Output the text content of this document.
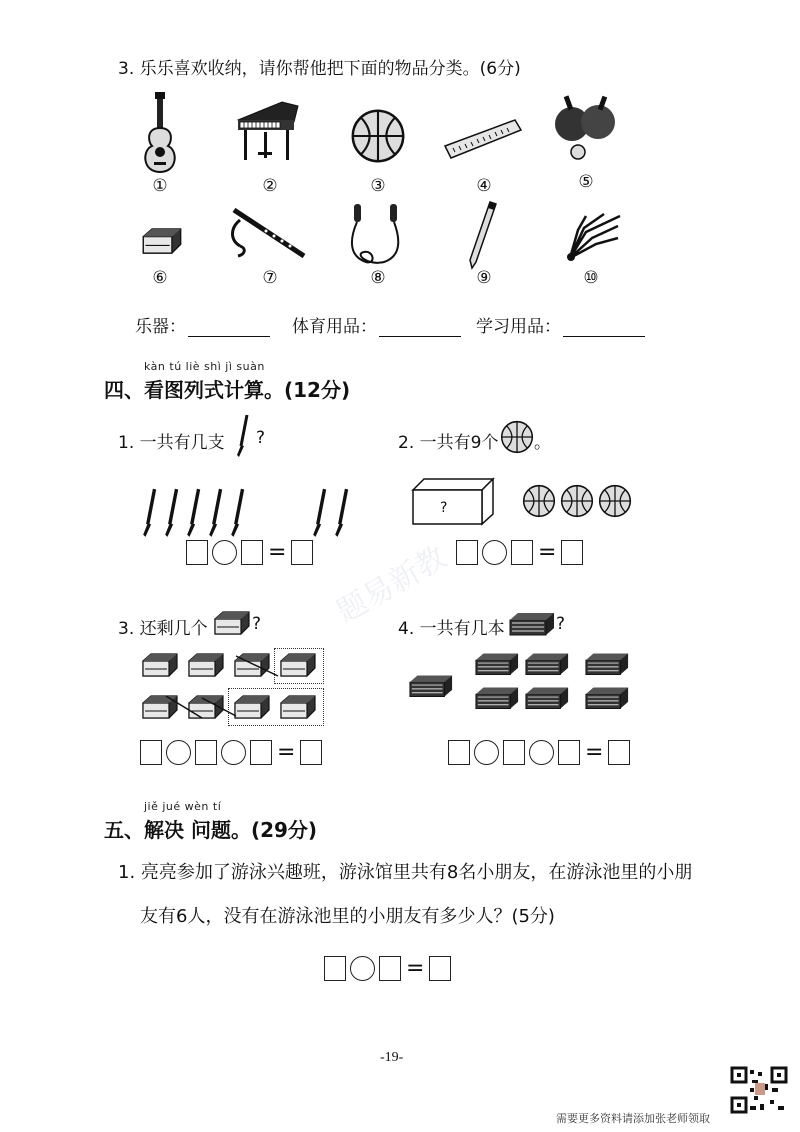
3. 乐乐喜欢收纳，请你帮他把下面的物品分类。(6分)
①	②	③	④	⑤
⑥	⑦	⑧	⑨	⑩
乐器：	体育用品：	学习用品：
kàn tú liè shì jì suàn
四、看图列式计算。(12分)
1. 一共有几支 ?
=
2. 一共有9个 。
?
=
3. 还剩几个	?
=
4. 一共有几本	?
=
jiě jué wèn tí
五、解决 问题。(29分)
1. 亮亮参加了游泳兴趣班，游泳馆里共有8名小朋友，在游泳池里的小朋
友有6人，没有在游泳池里的小朋友有多少人？(5分)
=
-19-
需要更多资料请添加张老师领取
题易新教
